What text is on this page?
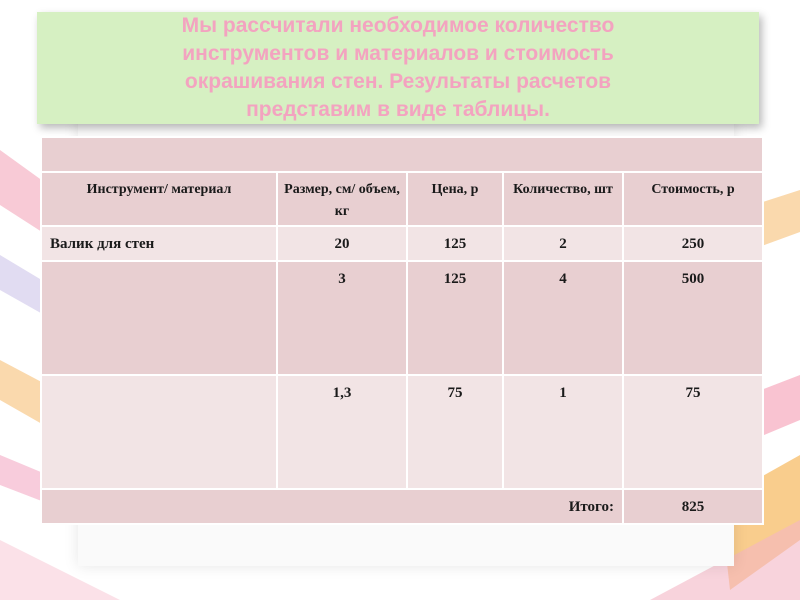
Мы рассчитали необходимое количество
инструментов и материалов и стоимость
окрашивания стен. Результаты расчетов
представим в виде таблицы.

Инструмент/ материал	Размер, см/ объем, кг	Цена, р	Количество, шт	Стоимость, р

Валик для стен	20	125	2	250

	3	125	4	500

	1,3	75	1	75

Итого:				825
